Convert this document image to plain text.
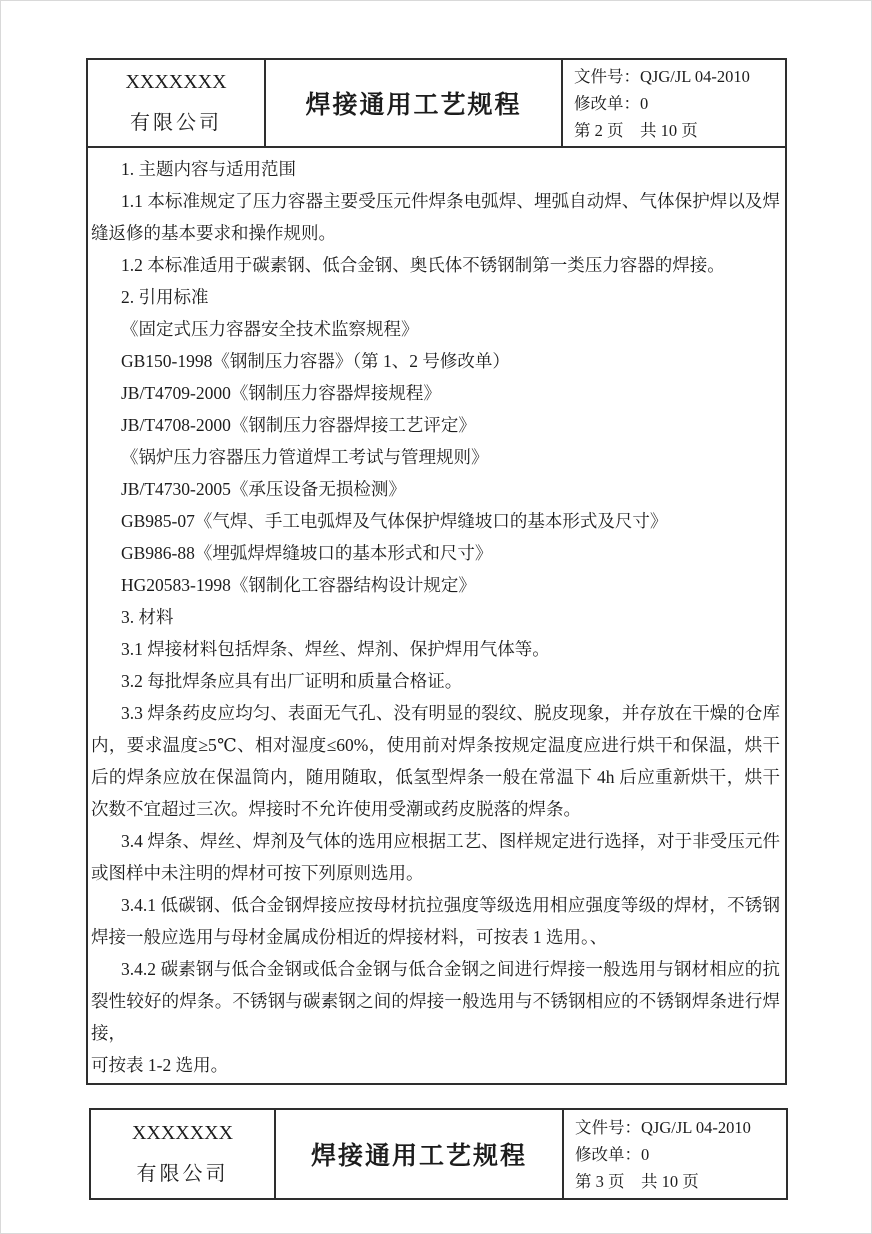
XXXXXXX
有限公司
焊接通用工艺规程
文件号：QJG/JL 04-2010
修改单：0
第 2 页　共 10 页

1. 主题内容与适用范围

1.1 本标准规定了压力容器主要受压元件焊条电弧焊、埋弧自动焊、气体保护焊以及焊缝返修的基本要求和操作规则。

1.2 本标准适用于碳素钢、低合金钢、奥氏体不锈钢制第一类压力容器的焊接。

2. 引用标准

《固定式压力容器安全技术监察规程》

GB150-1998《钢制压力容器》（第 1、2 号修改单）

JB/T4709-2000《钢制压力容器焊接规程》

JB/T4708-2000《钢制压力容器焊接工艺评定》

《锅炉压力容器压力管道焊工考试与管理规则》

JB/T4730-2005《承压设备无损检测》

GB985-07《气焊、手工电弧焊及气体保护焊缝坡口的基本形式及尺寸》

GB986-88《埋弧焊焊缝坡口的基本形式和尺寸》

HG20583-1998《钢制化工容器结构设计规定》

3. 材料

3.1 焊接材料包括焊条、焊丝、焊剂、保护焊用气体等。

3.2 每批焊条应具有出厂证明和质量合格证。

3.3 焊条药皮应均匀、表面无气孔、没有明显的裂纹、脱皮现象，并存放在干燥的仓库内，要求温度≥5℃、相对湿度≤60%，使用前对焊条按规定温度应进行烘干和保温，烘干后的焊条应放在保温筒内，随用随取，低氢型焊条一般在常温下 4h 后应重新烘干，烘干次数不宜超过三次。焊接时不允许使用受潮或药皮脱落的焊条。

3.4 焊条、焊丝、焊剂及气体的选用应根据工艺、图样规定进行选择，对于非受压元件或图样中未注明的焊材可按下列原则选用。

3.4.1 低碳钢、低合金钢焊接应按母材抗拉强度等级选用相应强度等级的焊材，不锈钢焊接一般应选用与母材金属成份相近的焊接材料，可按表 1 选用。、

3.4.2 碳素钢与低合金钢或低合金钢与低合金钢之间进行焊接一般选用与钢材相应的抗裂性较好的焊条。不锈钢与碳素钢之间的焊接一般选用与不锈钢相应的不锈钢焊条进行焊接，

可按表 1-2 选用。

XXXXXXX
有限公司
焊接通用工艺规程
文件号：QJG/JL 04-2010
修改单：0
第 3 页　共 10 页
